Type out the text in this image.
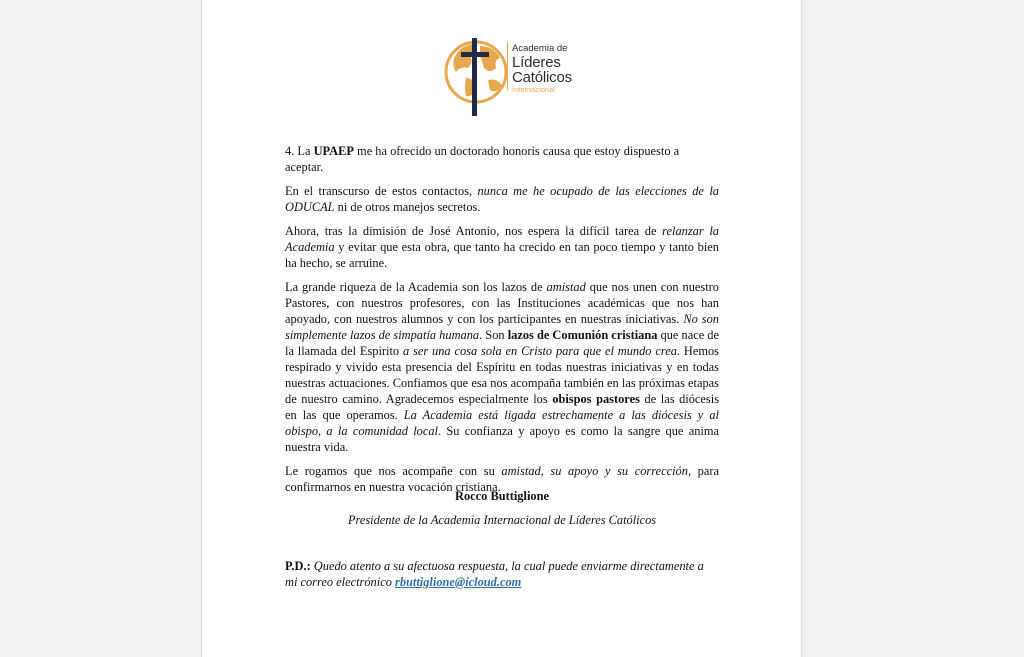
Academia de
Líderes
Católicos
Internacional

4. La UPAEP me ha ofrecido un doctorado honoris causa que estoy dispuesto a aceptar.

En el transcurso de estos contactos, nunca me he ocupado de las elecciones de la ODUCAL ni de otros manejos secretos.

Ahora, tras la dimisión de José Antonio, nos espera la difícil tarea de relanzar la Academia y evitar que esta obra, que tanto ha crecido en tan poco tiempo y tanto bien ha hecho, se arruine.

La grande riqueza de la Academia son los lazos de amistad que nos unen con nuestro Pastores, con nuestros profesores, con las Instituciones académicas que nos han apoyado, con nuestros alumnos y con los participantes en nuestras iniciativas. No son simplemente lazos de simpatía humana. Son lazos de Comunión cristiana que nace de la llamada del Espirito a ser una cosa sola en Cristo para que el mundo crea. Hemos respirado y vivido esta presencia del Espíritu en todas nuestras iniciativas y en todas nuestras actuaciones. Confiamos que esa nos acompaña también en las próximas etapas de nuestro camino. Agradecemos especialmente los obispos pastores de las diócesis en las que operamos. La Academia está ligada estrechamente a las diócesis y al obispo, a la comunidad local. Su confianza y apoyo es como la sangre que anima nuestra vida.

Le rogamos que nos acompañe con su amistad, su apoyo y su corrección, para confirmarnos en nuestra vocación cristiana.

Rocco Buttiglione
Presidente de la Academia Internacional de Líderes Católicos
P.D.: Quedo atento a su afectuosa respuesta, la cual puede enviarme directamente a mi correo electrónico rbuttiglione@icloud.com
